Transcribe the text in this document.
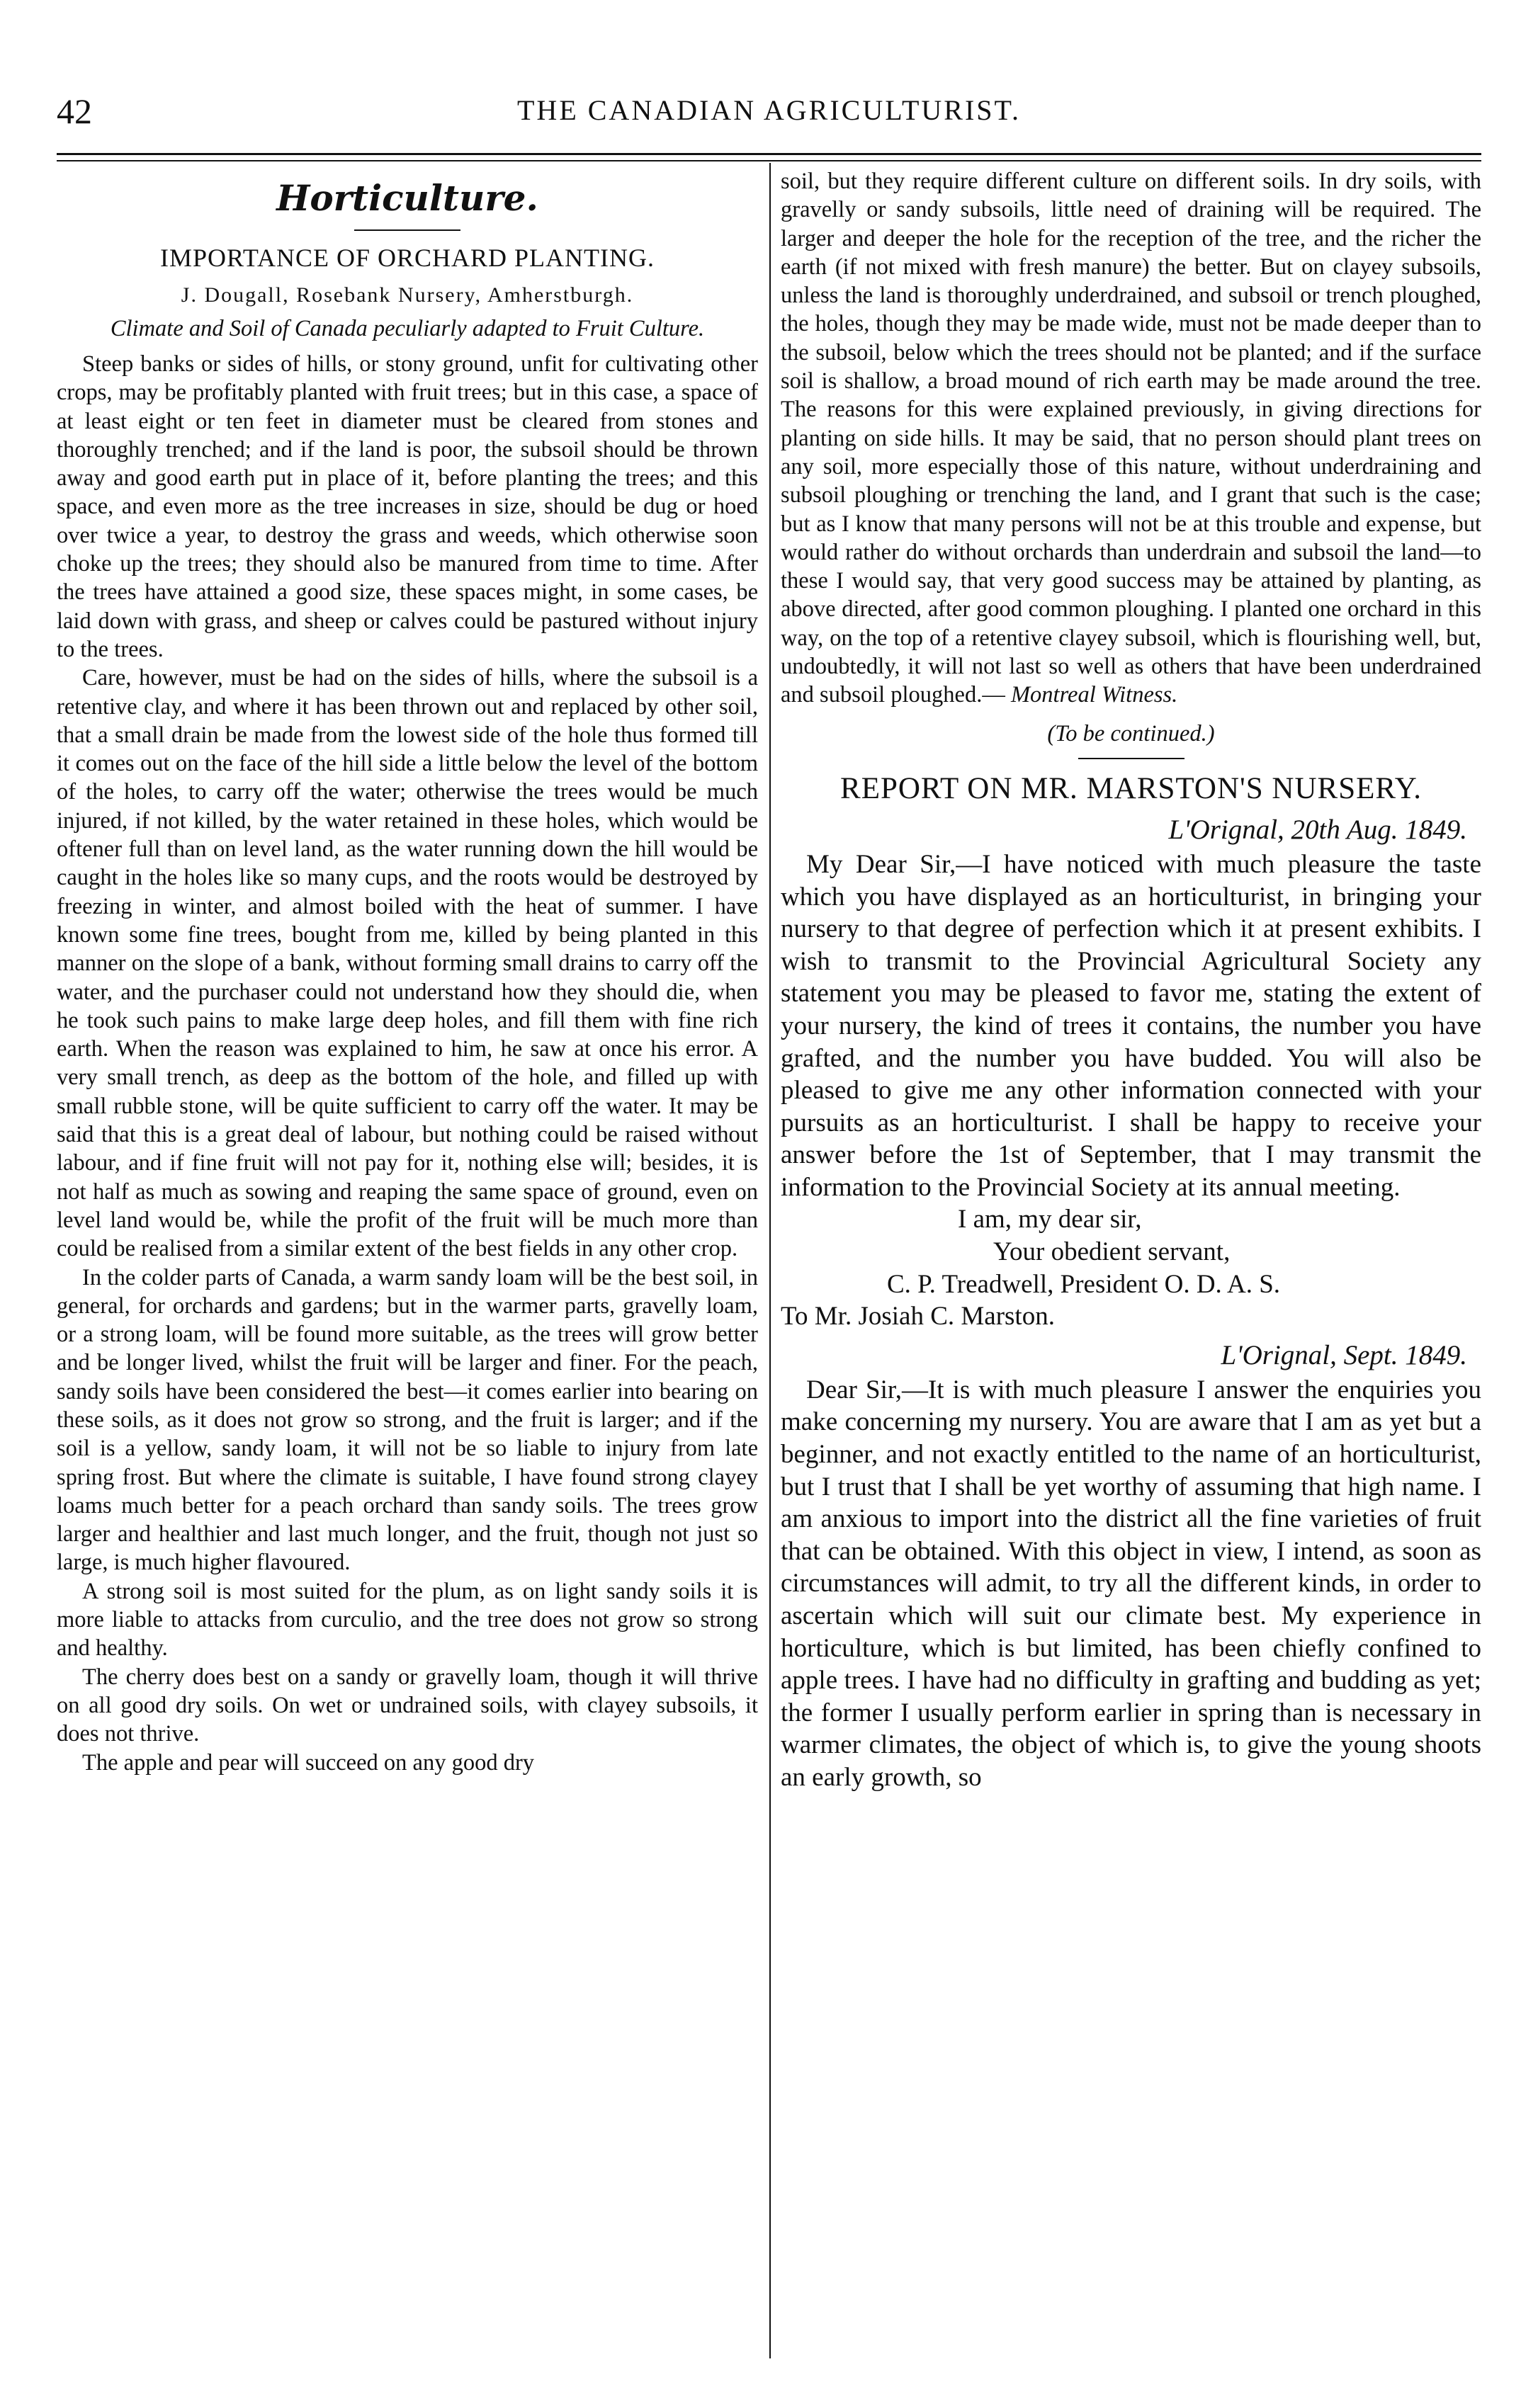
42	THE CANADIAN AGRICULTURIST.
Horticulture.
IMPORTANCE OF ORCHARD PLANTING.
J. Dougall, Rosebank Nursery, Amherstburgh.
Climate and Soil of Canada peculiarly adapted to Fruit Culture.

Steep banks or sides of hills, or stony ground, unfit for cultivating other crops, may be profitably planted with fruit trees; but in this case, a space of at least eight or ten feet in diameter must be cleared from stones and thoroughly trenched; and if the land is poor, the subsoil should be thrown away and good earth put in place of it, before planting the trees; and this space, and even more as the tree increases in size, should be dug or hoed over twice a year, to destroy the grass and weeds, which otherwise soon choke up the trees; they should also be manured from time to time. After the trees have attained a good size, these spaces might, in some cases, be laid down with grass, and sheep or calves could be pastured without injury to the trees.

Care, however, must be had on the sides of hills, where the subsoil is a retentive clay, and where it has been thrown out and replaced by other soil, that a small drain be made from the lowest side of the hole thus formed till it comes out on the face of the hill side a little below the level of the bottom of the holes, to carry off the water; otherwise the trees would be much injured, if not killed, by the water retained in these holes, which would be oftener full than on level land, as the water running down the hill would be caught in the holes like so many cups, and the roots would be destroyed by freezing in winter, and almost boiled with the heat of summer. I have known some fine trees, bought from me, killed by being planted in this manner on the slope of a bank, without forming small drains to carry off the water, and the purchaser could not understand how they should die, when he took such pains to make large deep holes, and fill them with fine rich earth. When the reason was explained to him, he saw at once his error. A very small trench, as deep as the bottom of the hole, and filled up with small rubble stone, will be quite sufficient to carry off the water. It may be said that this is a great deal of labour, but nothing could be raised without labour, and if fine fruit will not pay for it, nothing else will; besides, it is not half as much as sowing and reaping the same space of ground, even on level land would be, while the profit of the fruit will be much more than could be realised from a similar extent of the best fields in any other crop.

In the colder parts of Canada, a warm sandy loam will be the best soil, in general, for orchards and gardens; but in the warmer parts, gravelly loam, or a strong loam, will be found more suitable, as the trees will grow better and be longer lived, whilst the fruit will be larger and finer. For the peach, sandy soils have been considered the best—it comes earlier into bearing on these soils, as it does not grow so strong, and the fruit is larger; and if the soil is a yellow, sandy loam, it will not be so liable to injury from late spring frost. But where the climate is suitable, I have found strong clayey loams much better for a peach orchard than sandy soils. The trees grow larger and healthier and last much longer, and the fruit, though not just so large, is much higher flavoured.

A strong soil is most suited for the plum, as on light sandy soils it is more liable to attacks from curculio, and the tree does not grow so strong and healthy.

The cherry does best on a sandy or gravelly loam, though it will thrive on all good dry soils. On wet or undrained soils, with clayey subsoils, it does not thrive.

The apple and pear will succeed on any good dry

soil, but they require different culture on different soils. In dry soils, with gravelly or sandy subsoils, little need of draining will be required. The larger and deeper the hole for the reception of the tree, and the richer the earth (if not mixed with fresh manure) the better. But on clayey subsoils, unless the land is thoroughly underdrained, and subsoil or trench ploughed, the holes, though they may be made wide, must not be made deeper than to the subsoil, below which the trees should not be planted; and if the surface soil is shallow, a broad mound of rich earth may be made around the tree. The reasons for this were explained previously, in giving directions for planting on side hills. It may be said, that no person should plant trees on any soil, more especially those of this nature, without underdraining and subsoil ploughing or trenching the land, and I grant that such is the case; but as I know that many persons will not be at this trouble and expense, but would rather do without orchards than underdrain and subsoil the land—to these I would say, that very good success may be attained by planting, as above directed, after good common ploughing. I planted one orchard in this way, on the top of a retentive clayey subsoil, which is flourishing well, but, undoubtedly, it will not last so well as others that have been underdrained and subsoil ploughed.— Montreal Witness.
(To be continued.)
REPORT ON MR. MARSTON'S NURSERY.
L'Orignal, 20th Aug. 1849.

My Dear Sir,—I have noticed with much pleasure the taste which you have displayed as an horticulturist, in bringing your nursery to that degree of perfection which it at present exhibits. I wish to transmit to the Provincial Agricultural Society any statement you may be pleased to favor me, stating the extent of your nursery, the kind of trees it contains, the number you have grafted, and the number you have budded. You will also be pleased to give me any other information connected with your pursuits as an horticulturist. I shall be happy to receive your answer before the 1st of September, that I may transmit the information to the Provincial Society at its annual meeting.

I am, my dear sir,
Your obedient servant,
C. P. Treadwell, President O. D. A. S.
To Mr. Josiah C. Marston.
L'Orignal, Sept. 1849.

Dear Sir,—It is with much pleasure I answer the enquiries you make concerning my nursery. You are aware that I am as yet but a beginner, and not exactly entitled to the name of an horticulturist, but I trust that I shall be yet worthy of assuming that high name. I am anxious to import into the district all the fine varieties of fruit that can be obtained. With this object in view, I intend, as soon as circumstances will admit, to try all the different kinds, in order to ascertain which will suit our climate best. My experience in horticulture, which is but limited, has been chiefly confined to apple trees. I have had no difficulty in grafting and budding as yet; the former I usually perform earlier in spring than is necessary in warmer climates, the object of which is, to give the young shoots an early growth, so
